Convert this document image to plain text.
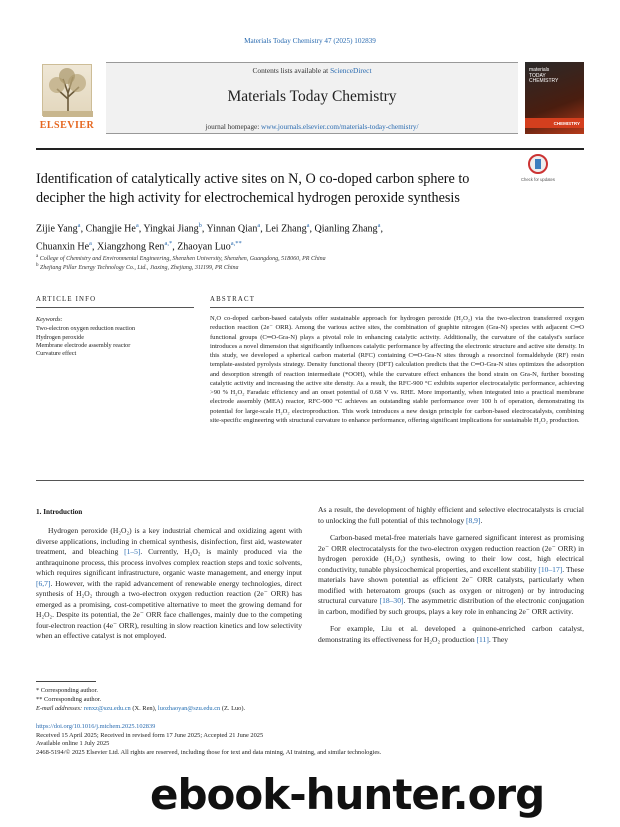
Materials Today Chemistry 47 (2025) 102839
ELSEVIER
Contents lists available at ScienceDirect
Materials Today Chemistry
journal homepage: www.journals.elsevier.com/materials-today-chemistry/
materials TODAY CHEMISTRY
CHEMISTRY
Identification of catalytically active sites on N, O co-doped carbon sphere to decipher the high activity for electrochemical hydrogen peroxide synthesis
Check for updates
Zijie Yang$^a$, Changjie He$^a$, Yingkai Jiang$^b$, Yinnan Qian$^a$, Lei Zhang$^a$, Qianling Zhang$^a$,
Chuanxin He$^a$, Xiangzhong Ren$^{a,*}$, Zhaoyan Luo$^{a,**}$
$^a$ College of Chemistry and Environmental Engineering, Shenzhen University, Shenzhen, Guangdong, 518060, PR China
$^b$ Zhejiang Pillar Energy Technology Co., Ltd., Jiaxing, Zhejiang, 311199, PR China
ARTICLE INFO	ABSTRACT
Keywords:
Two-electron oxygen reduction reaction
Hydrogen peroxide
Membrane electrode assembly reactor
Curvature effect
N,O co-doped carbon-based catalysts offer sustainable approach for hydrogen peroxide (H₂O₂) via the two-electron transferred oxygen reduction reaction (2e⁻ ORR). Among the various active sites, the combination of graphite nitrogen (Gra-N) species with adjacent C═O functional groups (C═O-Gra-N) plays a pivotal role in enhancing catalytic activity. Additionally, the curvature of the catalyst's surface introduces a novel dimension that significantly influences catalytic performance by affecting the electronic structure and active site density. In this study, we developed a spherical carbon material (RFC) containing C═O-Gra-N sites through a resorcinol formaldehyde (RF) resin template-assisted pyrolysis strategy. Density functional theory (DFT) calculation predicts that the C═O-Gra-N sites optimizes the adsorption and desorption strength of reaction intermediate (*OOH), while the curvature effect enhances the bond strain on Gra-N, further boosting catalytic activity and increasing the active site density. As a result, the RFC-900 °C exhibits superior electrocatalytic performance, achieving >90 % H₂O₂ Faradaic efficiency and an onset potential of 0.68 V vs. RHE. More importantly, when integrated into a practical membrane electrode assembly (MEA) reactor, RFC-900 °C achieves an outstanding stable performance over 100 h of operation, demonstrating its potential for large-scale H₂O₂ electroproduction. This work introduces a new design principle for carbon-based electrocatalysts, combining site-specific engineering with structural curvature to enhance performance, offering significant implications for sustainable H₂O₂ production.
1. Introduction

Hydrogen peroxide (H₂O₂) is a key industrial chemical and oxidizing agent with diverse applications, including in chemical synthesis, disinfection, first aid, wastewater treatment, and bleaching [1–5]. Currently, H₂O₂ is mainly produced via the anthraquinone process, this process involves complex reaction steps and toxic solvents, which requires significant infrastructure, organic waste management, and energy input [6,7]. However, with the rapid advancement of renewable energy technologies, direct synthesis of H₂O₂ through a two-electron oxygen reduction reaction (2e⁻ ORR) has emerged as a promising, cost-competitive alternative to meet the growing demand for H₂O₂. Despite its potential, the 2e⁻ ORR face challenges, mainly due to the competing four-electron reaction (4e⁻ ORR), resulting in slow reaction kinetics and low selectivity when an effective catalyst is not employed.

As a result, the development of highly efficient and selective electrocatalysts is crucial to unlocking the full potential of this technology [8,9].

Carbon-based metal-free materials have garnered significant interest as promising 2e⁻ ORR electrocatalysts for the two-electron oxygen reduction reaction (2e⁻ ORR) in hydrogen peroxide (H₂O₂) synthesis, owing to their low cost, high electrical conductivity, tunable physicochemical properties, and excellent stability [10–17]. These materials have shown potential as efficient 2e⁻ ORR catalysts, particularly when modified with heteroatom groups (such as oxygen or nitrogen) or by introducing structural curvature [18–30]. The asymmetric distribution of the electronic conjugation in carbon, modified by such groups, plays a key role in enhancing 2e⁻ ORR activity.

For example, Liu et al. developed a quinone-enriched carbon catalyst, demonstrating its effectiveness for H₂O₂ production [11]. They

* Corresponding author.
** Corresponding author.
E-mail addresses: renxz@szu.edu.cn (X. Ren), luozhaoyan@szu.edu.cn (Z. Luo).
https://doi.org/10.1016/j.mtchem.2025.102839
Received 15 April 2025; Received in revised form 17 June 2025; Accepted 21 June 2025
Available online 1 July 2025
2468-5194/© 2025 Elsevier Ltd. All rights are reserved, including those for text and data mining, AI training, and similar technologies.
ebook-hunter.org
